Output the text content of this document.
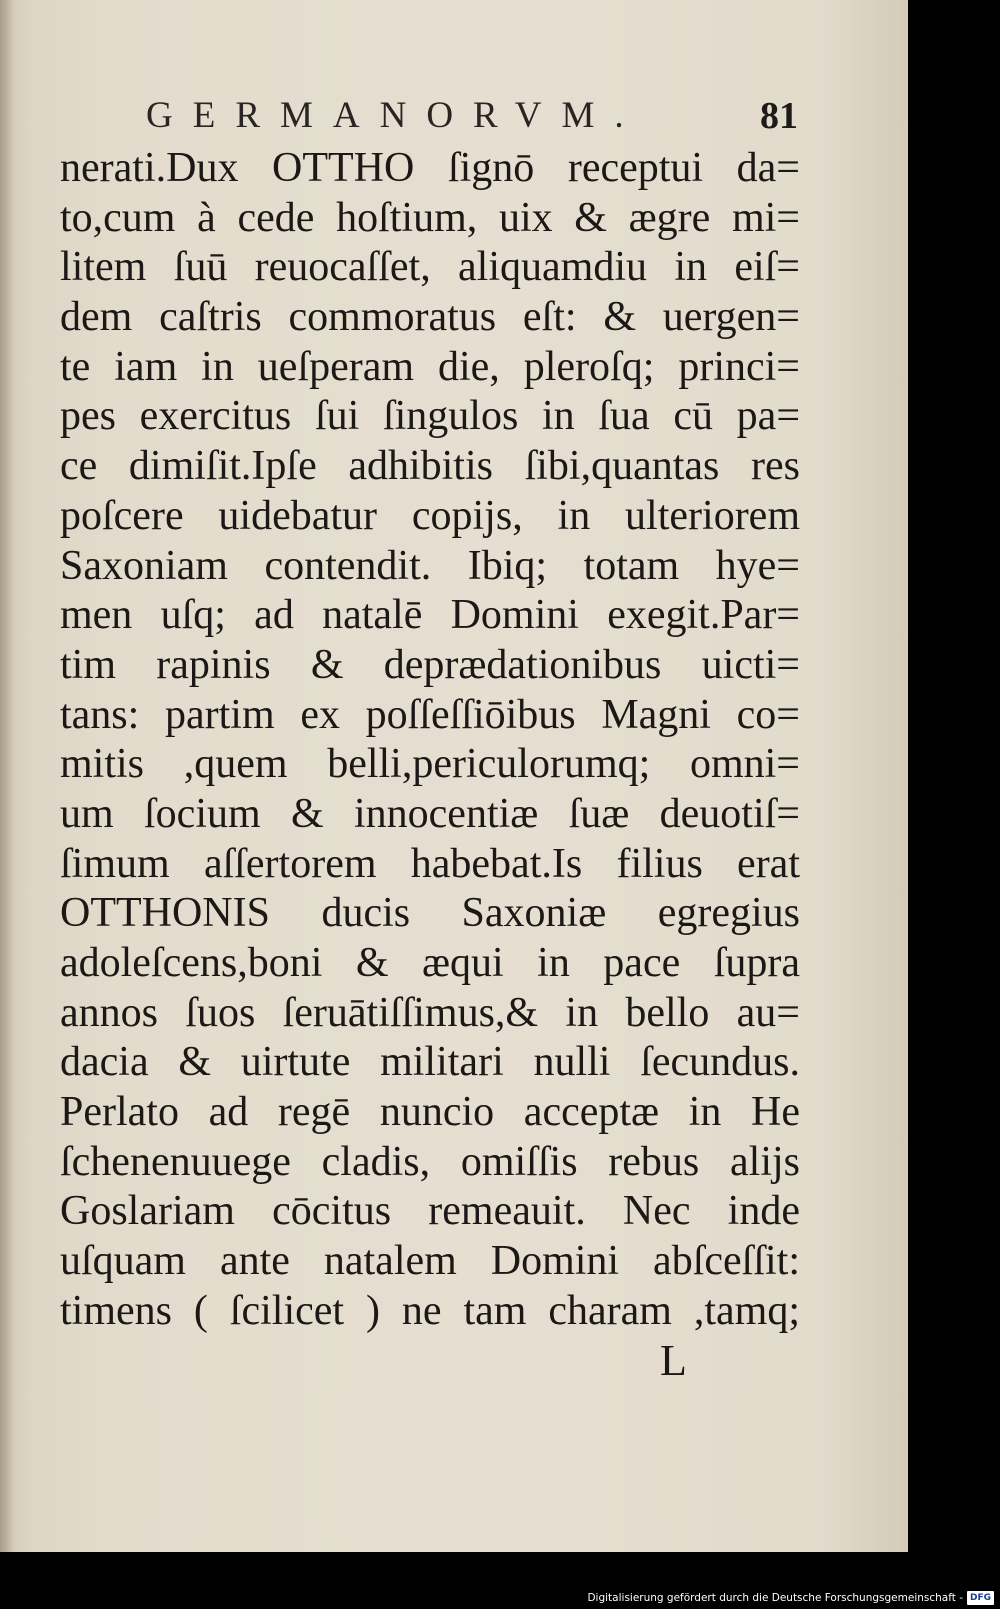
GERMANORVM.	81
nerati.Dux OTTHO ſignō receptui da=
to,cum à cede hoſtium, uix & ægre mi=
litem ſuū reuocaſſet, aliquamdiu in eiſ=
dem caſtris commoratus eſt: & uergen=
te iam in ueſperam die, pleroſq; princi=
pes exercitus ſui ſingulos in ſua cū pa=
ce dimiſit.Ipſe adhibitis ſibi,quantas res
poſcere uidebatur copiјs, in ulteriorem
Saxoniam contendit. Ibiq; totam hye=
men uſq; ad natalē Domini exegit.Par=
tim rapinis & deprædationibus uicti=
tans: partim ex poſſeſſiōibus Magni co=
mitis ,quem belli,periculorumq; omni=
um ſocium & innocentiæ ſuæ deuotiſ=
ſimum aſſertorem habebat.Is filius erat
OTTHONIS ducis Saxoniæ egregius
adoleſcens,boni & æqui in pace ſupra
annos ſuos ſeruātiſſimus,& in bello au=
dacia & uirtute militari nulli ſecundus.
Perlato ad regē nuncio acceptæ in He
ſchenenuuege cladis, omiſſis rebus aliјs
Goslariam cōcitus remeauit. Nec inde
uſquam ante natalem Domini abſceſſit:
timens ( ſcilicet ) ne tam charam ,tamq;
L
Digitalisierung gefördert durch die Deutsche Forschungsgemeinschaft - DFG
